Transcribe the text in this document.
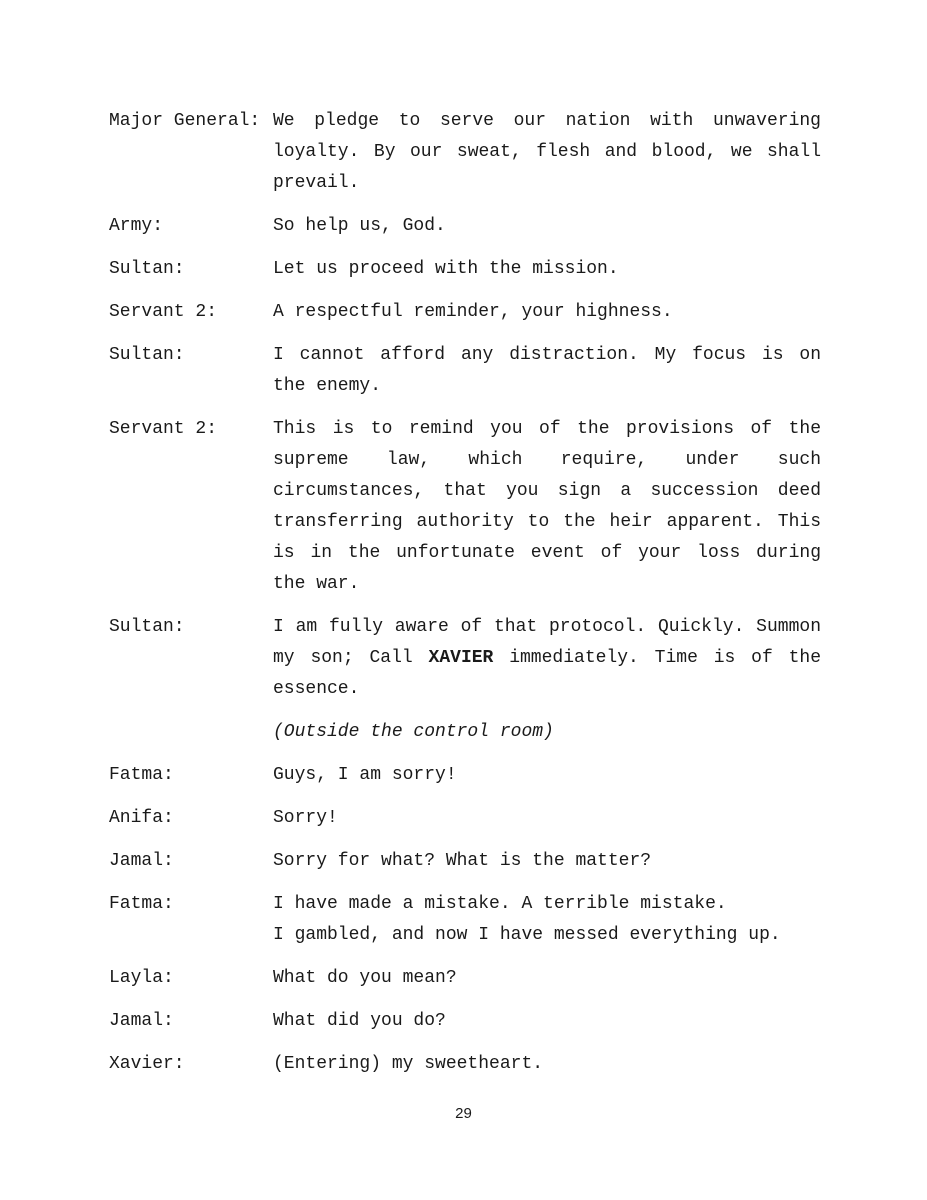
Major General: We pledge to serve our nation with unwavering loyalty. By our sweat, flesh and blood, we shall prevail.
Army:	So help us, God.
Sultan:	Let us proceed with the mission.
Servant 2:	A respectful reminder, your highness.
Sultan:	I cannot afford any distraction. My focus is on the enemy.
Servant 2:	This is to remind you of the provisions of the supreme law, which require, under such circumstances, that you sign a succession deed transferring authority to the heir apparent. This is in the unfortunate event of your loss during the war.
Sultan:	I am fully aware of that protocol. Quickly. Summon my son; Call XAVIER immediately. Time is of the essence.
(Outside the control room)
Fatma:	Guys, I am sorry!
Anifa:	Sorry!
Jamal:	Sorry for what? What is the matter?
Fatma:	I have made a mistake. A terrible mistake.
I gambled, and now I have messed everything up.
Layla:	What do you mean?
Jamal:	What did you do?
Xavier:	(Entering) my sweetheart.
29
